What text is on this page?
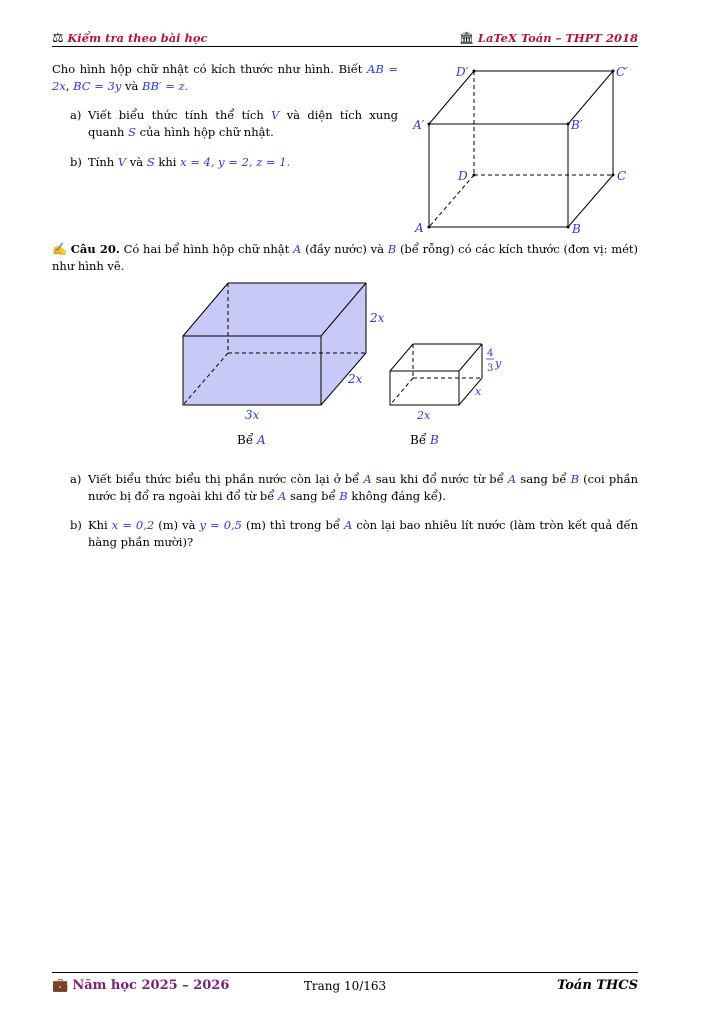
⚖ Kiểm tra theo bài học	🏛 LaTeX Toán – THPT 2018
Cho hình hộp chữ nhật có kích thước như hình. Biết AB = 2x, BC = 3y và BB′ = z.
a) Viết biểu thức tính thể tích V và diện tích xung quanh S của hình hộp chữ nhật.
b) Tính V và S khi x = 4, y = 2, z = 1.
A	B
C
D
A′	B′
C′
D′
✍ Câu 20. Có hai bể hình hộp chữ nhật A (đầy nước) và B (bể rỗng) có các kích thước (đơn vị: mét) như hình vẽ.
2x
2x
3x
Bể A
4
3 y
x
2x
Bể B
a) Viết biểu thức biểu thị phần nước còn lại ở bể A sau khi đổ nước từ bể A sang bể B (coi phần nước bị đổ ra ngoài khi đổ từ bể A sang bể B không đáng kể).
b) Khi x = 0,2 (m) và y = 0,5 (m) thì trong bể A còn lại bao nhiêu lít nước (làm tròn kết quả đến hàng phần mười)?
💼 Năm học 2025 – 2026	Trang 10/163	Toán THCS
